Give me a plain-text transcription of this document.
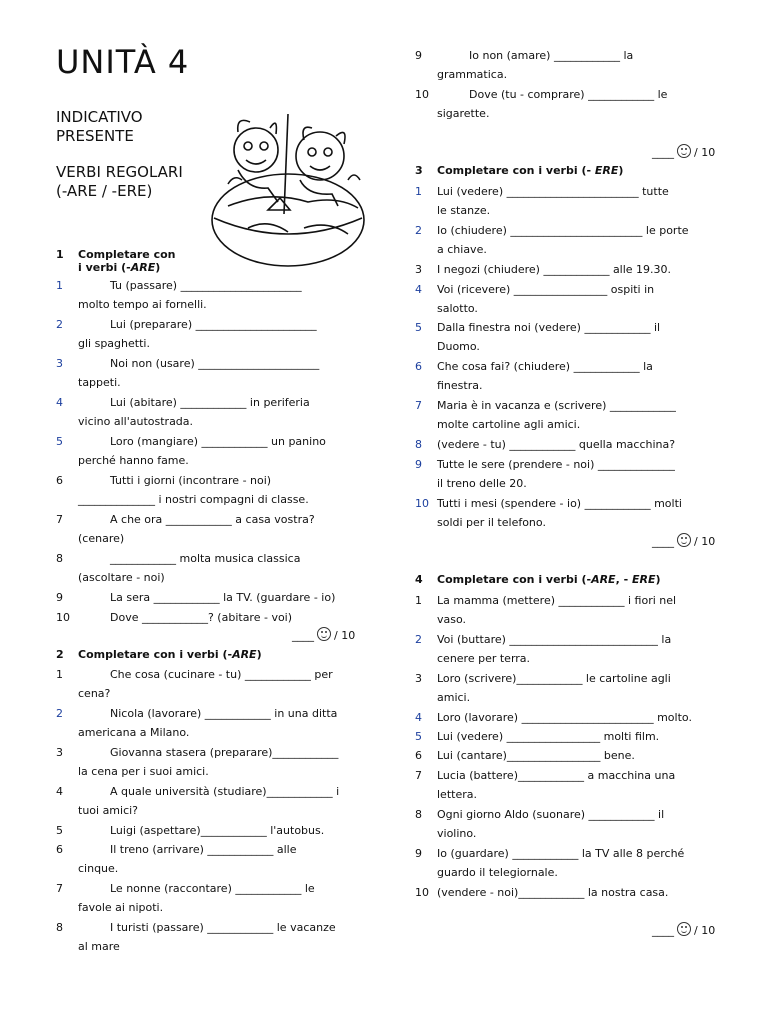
UNITÀ 4
INDICATIVO
PRESENTE
VERBI REGOLARI
(-ARE / -ERE)
1 Completare con
i verbi (-ARE)
1	Tu (passare) ______________________
molto tempo ai fornelli.
2	Lui (preparare) ______________________
gli spaghetti.
3	Noi non (usare) ______________________
tappeti.
4	Lui (abitare) ____________ in periferia
vicino all'autostrada.
5	Loro (mangiare) ____________ un panino
perché hanno fame.
6	Tutti i giorni (incontrare - noi)
______________ i nostri compagni di classe.
7	A che ora ____________ a casa vostra?
(cenare)
8	____________ molta musica classica
(ascoltare - noi)
9	La sera ____________ la TV. (guardare - io)
10	Dove ____________? (abitare - voi)
____ / 10
2 Completare con i verbi (-ARE)
1	Che cosa (cucinare - tu) ____________ per
cena?
2	Nicola (lavorare) ____________ in una ditta
americana a Milano.
3	Giovanna stasera (preparare)____________
la cena per i suoi amici.
4	A quale università (studiare)____________ i
tuoi amici?
5	Luigi (aspettare)____________ l'autobus.
6	Il treno (arrivare) ____________ alle
cinque.
7	Le nonne (raccontare) ____________ le
favole ai nipoti.
8	I turisti (passare) ____________ le vacanze
al mare
9	Io non (amare) ____________ la
grammatica.
10	Dove (tu - comprare) ____________ le
sigarette.
____ / 10
3 Completare con i verbi (- ERE)
1	Lui (vedere) ________________________ tutte
le stanze.
2	Io (chiudere) ________________________ le porte
a chiave.
3	I negozi (chiudere) ____________ alle 19.30.
4	Voi (ricevere) _________________ ospiti in
salotto.
5	Dalla finestra noi (vedere) ____________ il
Duomo.
6	Che cosa fai? (chiudere) ____________ la
finestra.
7	Maria è in vacanza e (scrivere) ____________
molte cartoline agli amici.
8	(vedere - tu) ____________ quella macchina?
9	Tutte le sere (prendere - noi) ______________
il treno delle 20.
10 Tutti i mesi (spendere - io) ____________ molti
soldi per il telefono.
____ / 10
4 Completare con i verbi (-ARE, - ERE)
1	La mamma (mettere) ____________ i fiori nel
vaso.
2	Voi (buttare) ___________________________ la
cenere per terra.
3	Loro (scrivere)____________ le cartoline agli
amici.
4	Loro (lavorare) ________________________ molto.
5	Lui (vedere) _________________ molti film.
6	Lui (cantare)_________________ bene.
7	Lucia (battere)____________ a macchina una
lettera.
8	Ogni giorno Aldo (suonare) ____________ il
violino.
9	Io (guardare) ____________ la TV alle 8 perché
guardo il telegiornale.
10 (vendere - noi)____________ la nostra casa.
____ / 10
